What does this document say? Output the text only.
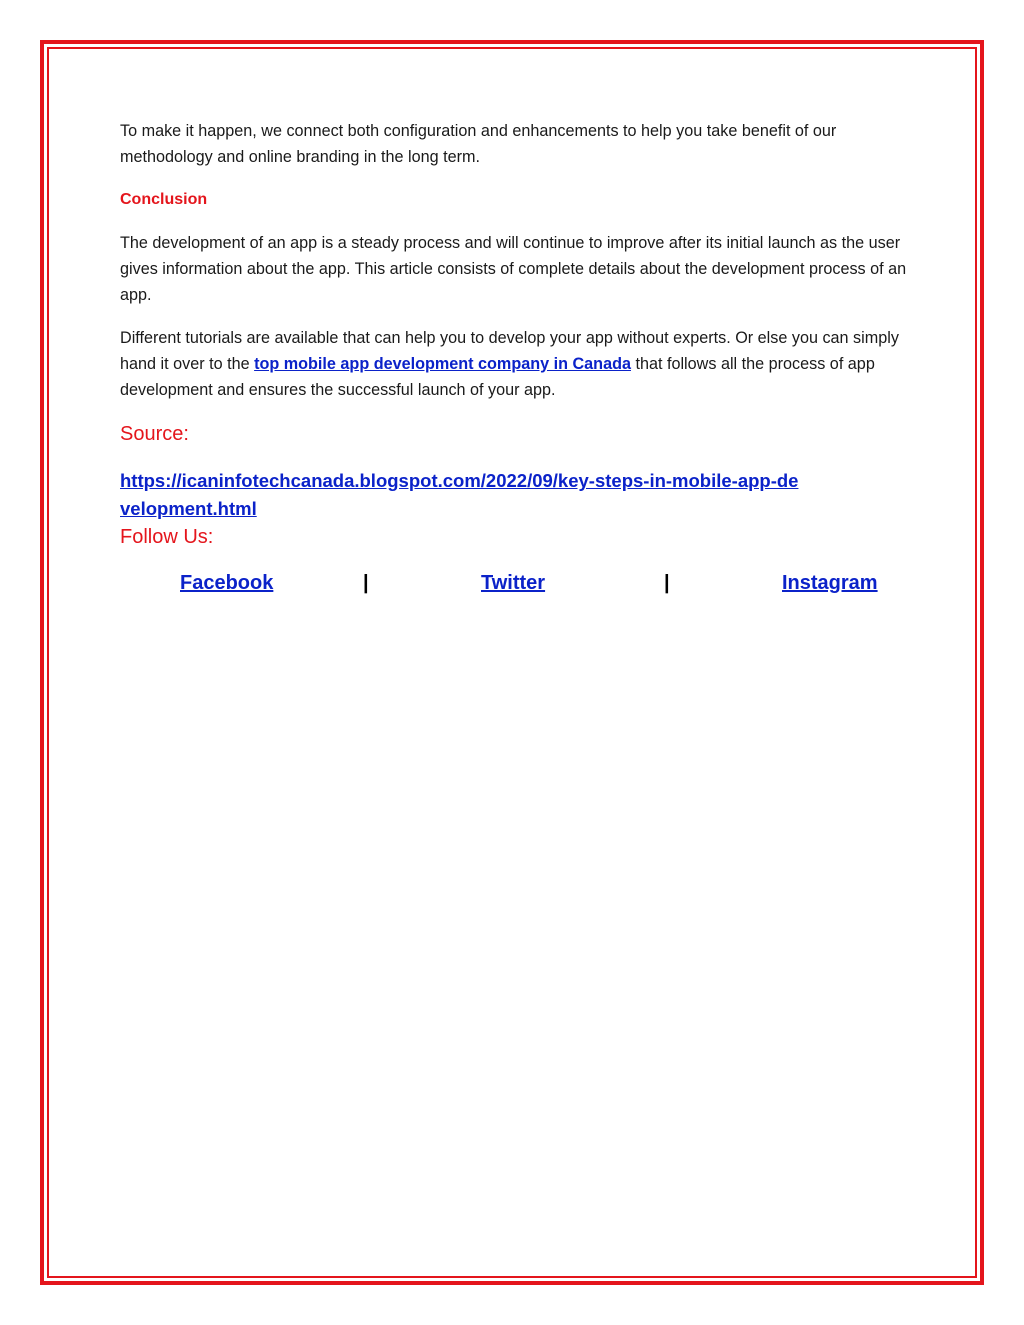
To make it happen, we connect both configuration and enhancements to help you take benefit of our methodology and online branding in the long term.

Conclusion

The development of an app is a steady process and will continue to improve after its initial launch as the user gives information about the app. This article consists of complete details about the development process of an app.

Different tutorials are available that can help you to develop your app without experts. Or else you can simply hand it over to the top mobile app development company in Canada that follows all the process of app development and ensures the successful launch of your app.

Source:
https://icaninfotechcanada.blogspot.com/2022/09/key-steps-in-mobile-app-development.html
Follow Us:
Facebook	|	Twitter	|	Instagram
